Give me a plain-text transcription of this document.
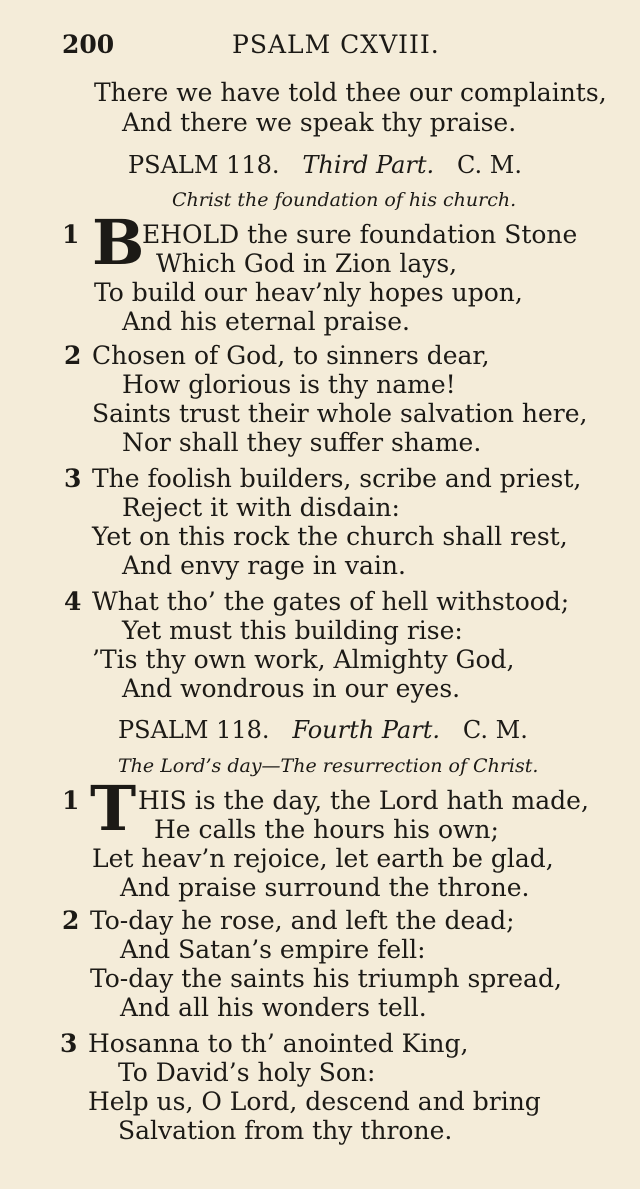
200	PSALM CXVIII.
There we have told thee our complaints,
And there we speak thy praise.
PSALM 118. Third Part. C. M.
Christ the foundation of his church.
1 B
EHOLD the sure foundation Stone
Which God in Zion lays,
To build our heav’nly hopes upon,
And his eternal praise.
2 Chosen of God, to sinners dear,
How glorious is thy name!
Saints trust their whole salvation here,
Nor shall they suffer shame.
3 The foolish builders, scribe and priest,
Reject it with disdain:
Yet on this rock the church shall rest,
And envy rage in vain.
4 What tho’ the gates of hell withstood;
Yet must this building rise:
’Tis thy own work, Almighty God,
And wondrous in our eyes.
PSALM 118. Fourth Part. C. M.
The Lord’s day—The resurrection of Christ.
1 T HIS is the day, the Lord hath made,
He calls the hours his own;
Let heav’n rejoice, let earth be glad,
And praise surround the throne.
2 To-day he rose, and left the dead;
And Satan’s empire fell:
To-day the saints his triumph spread,
And all his wonders tell.
3 Hosanna to th’ anointed King,
To David’s holy Son:
Help us, O Lord, descend and bring
Salvation from thy throne.
